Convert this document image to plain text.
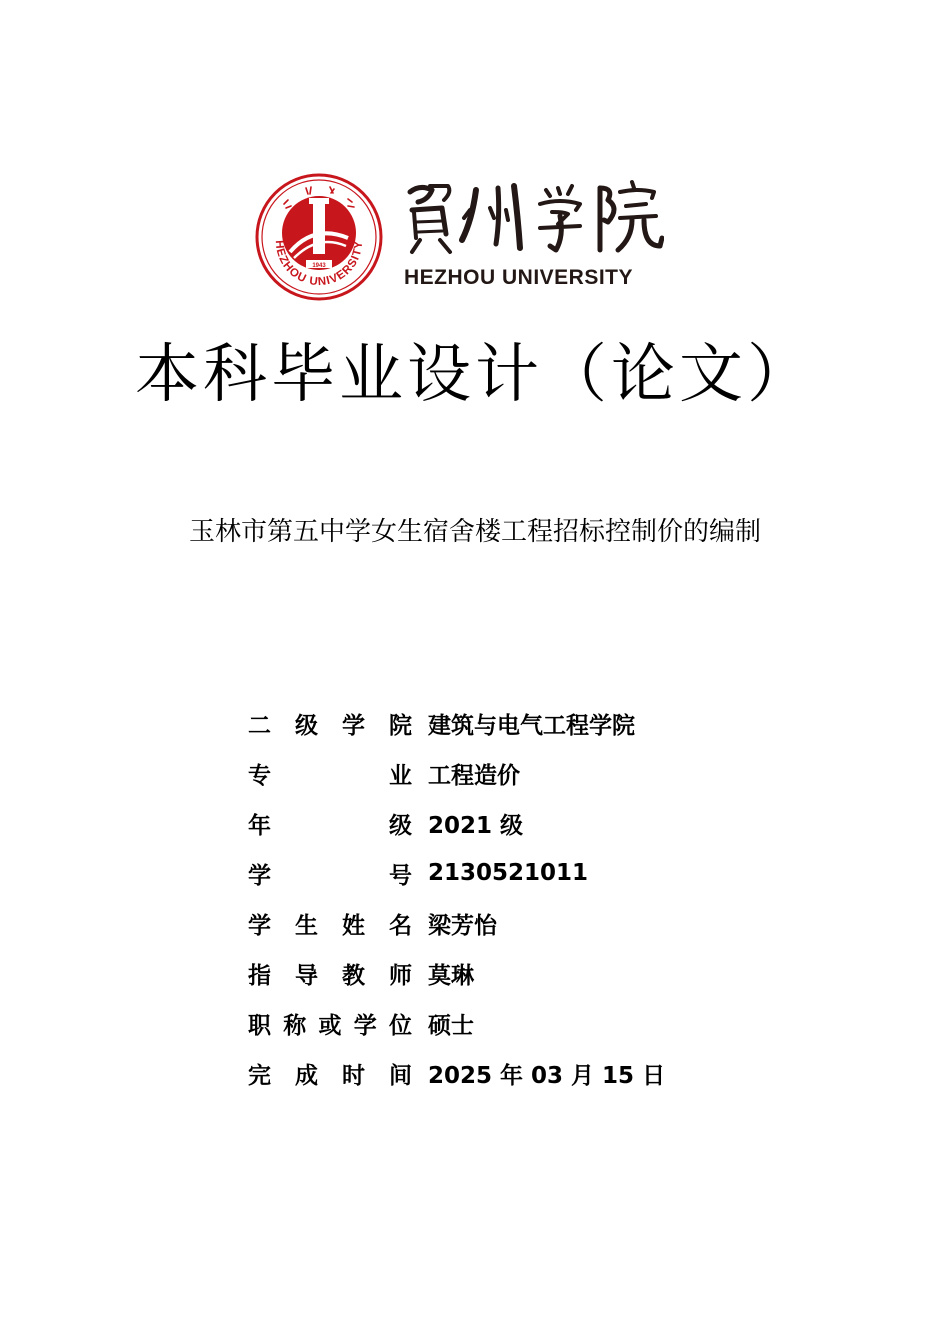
1943
HEZHOU UNIVERSITY
HEZHOU UNIVERSITY
本科毕业设计（论文）
玉林市第五中学女生宿舍楼工程招标控制价的编制
二 级 学 院 建筑与电气工程学院
专	业 工程造价
年	级 2021 级
学	号 2130521011
学 生 姓 名 梁芳怡
指 导 教 师 莫琳
职 称 或 学 位 硕士
完 成 时 间 2025 年 03 月 15 日
